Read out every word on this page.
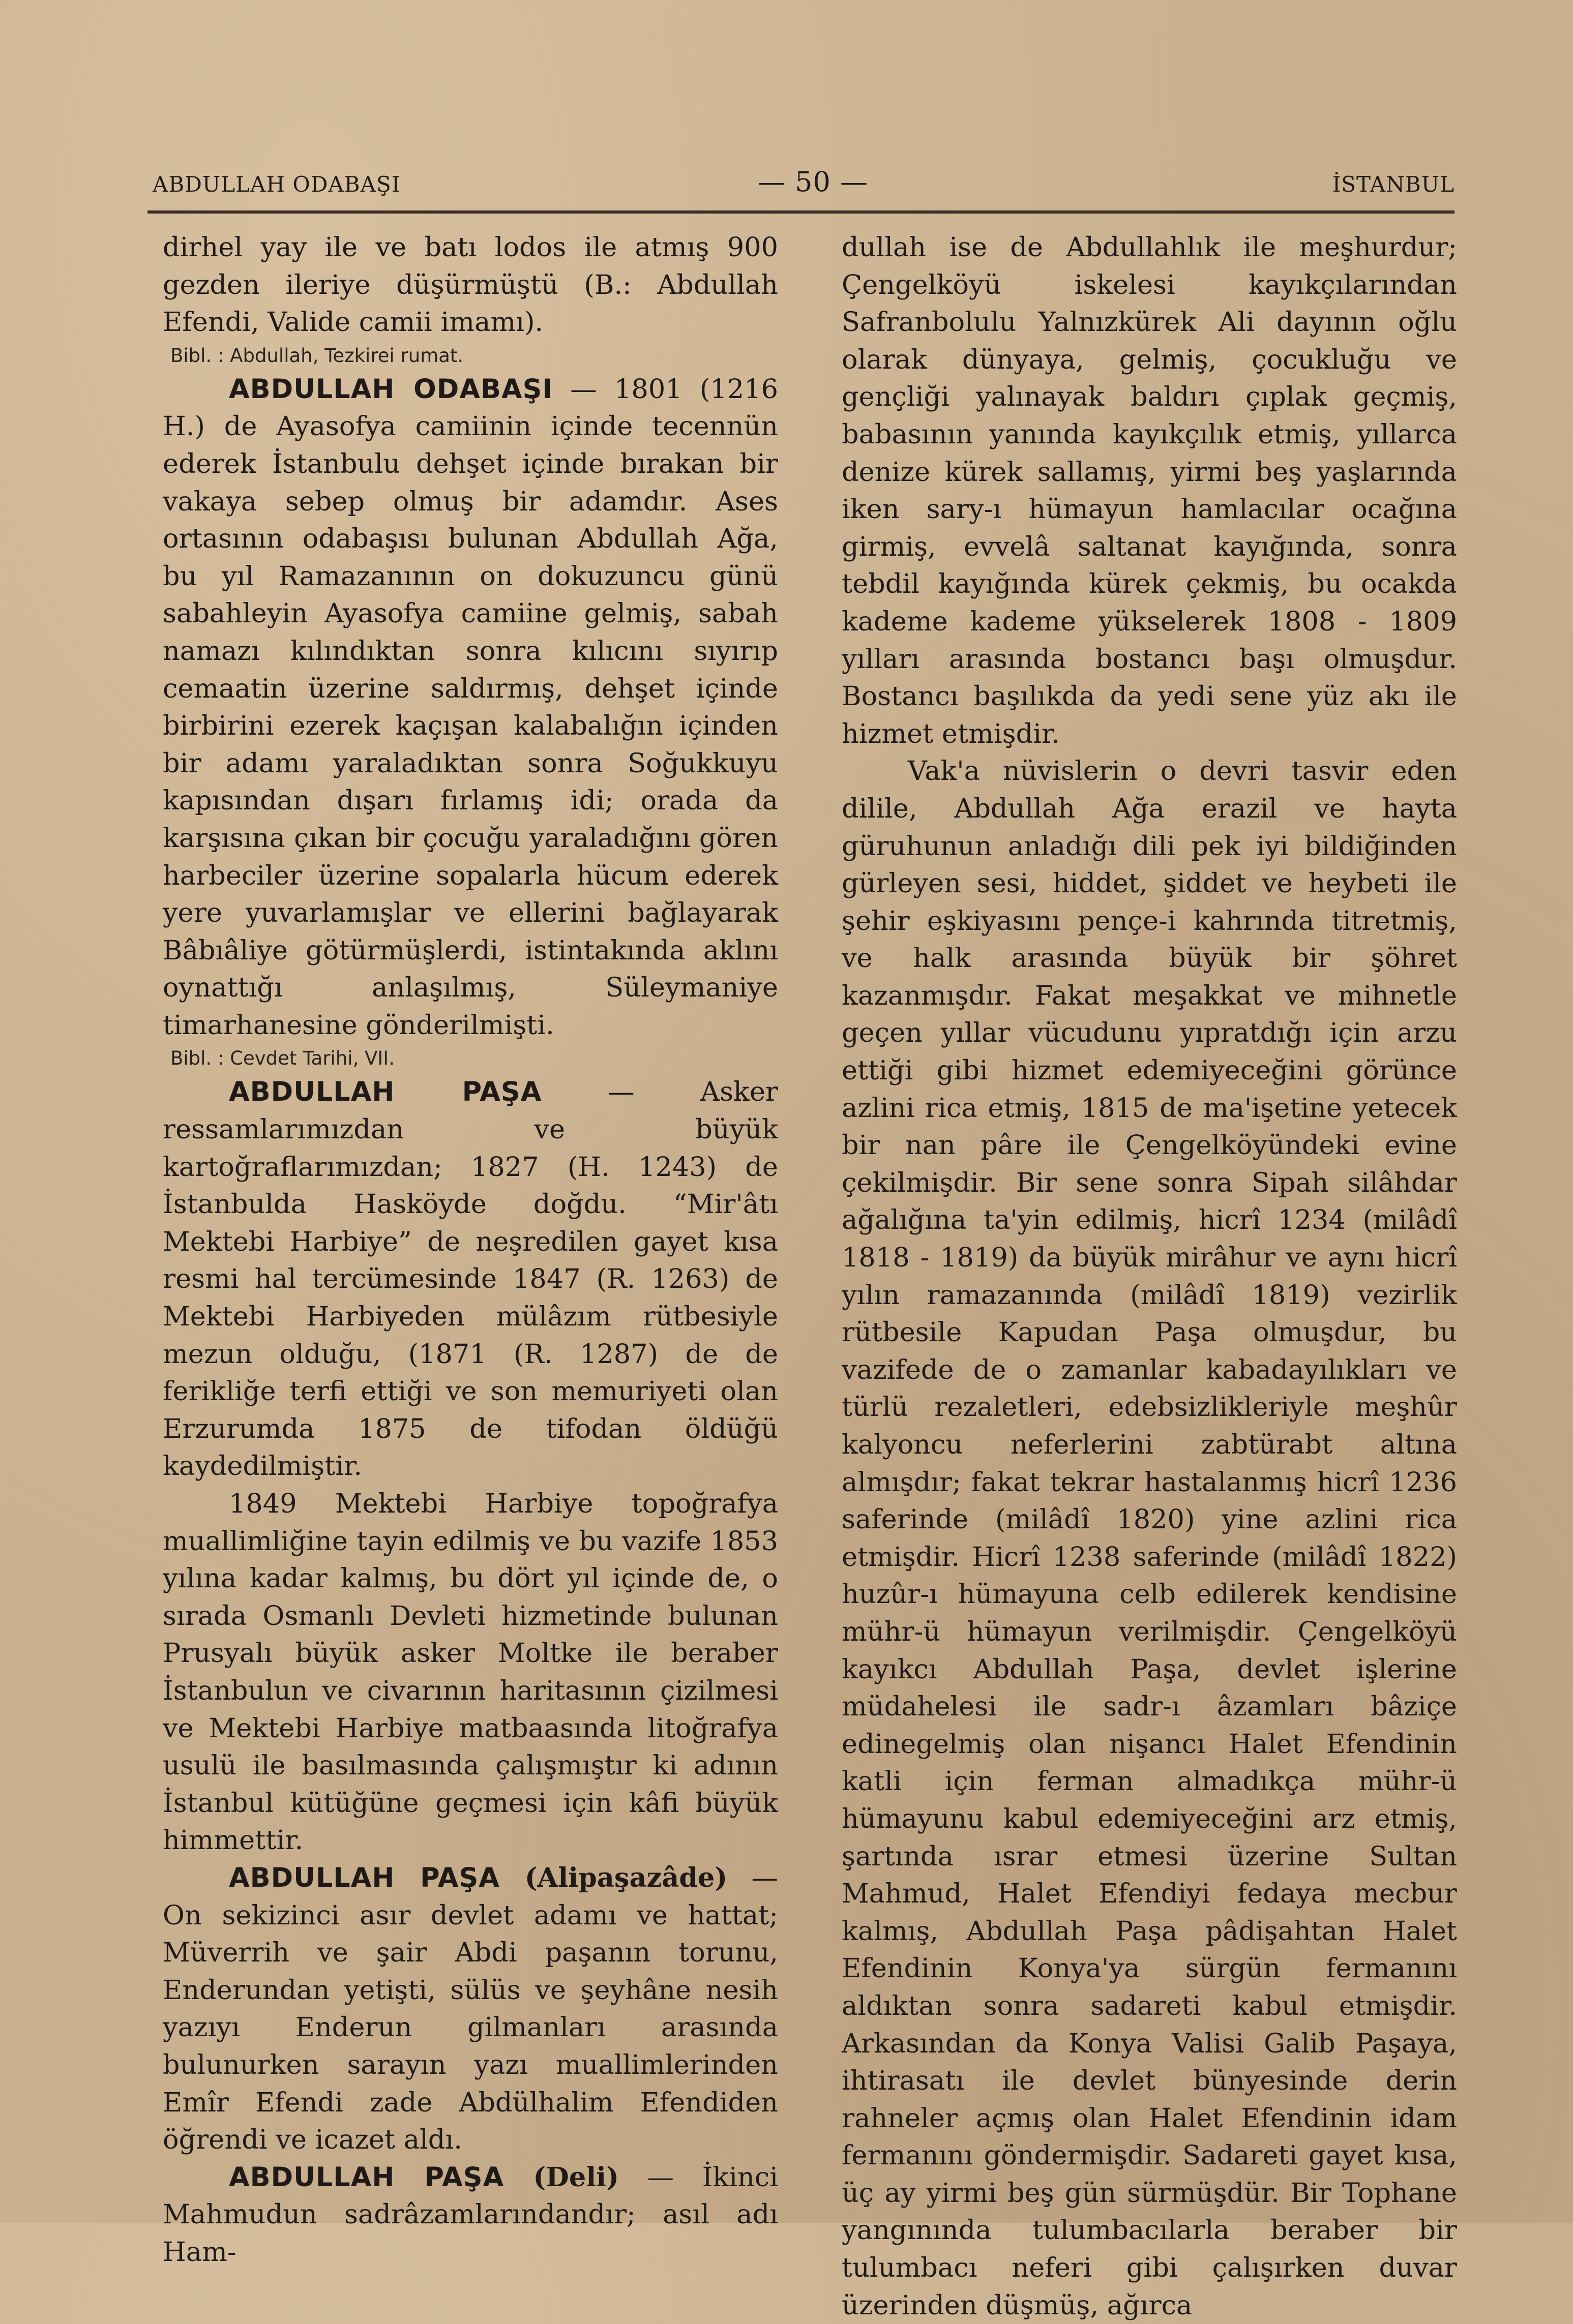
ABDULLAH ODABAŞI	— 50 —	İSTANBUL

dirhel yay ile ve batı lodos ile atmış 900 gezden ileriye düşürmüştü (B.: Abdullah Efendi, Valide camii imamı).

Bibl. : Abdullah, Tezkirei rumat.

ABDULLAH ODABAŞI — 1801 (1216 H.) de Ayasofya camiinin içinde tecennün ederek İstanbulu dehşet içinde bırakan bir vakaya sebep olmuş bir adamdır. Ases ortasının odabaşısı bulunan Abdullah Ağa, bu yıl Ramazanının on dokuzuncu günü sabahleyin Ayasofya camiine gelmiş, sabah namazı kılındıktan sonra kılıcını sıyırıp cemaatin üzerine saldırmış, dehşet içinde birbirini ezerek kaçışan kalabalığın içinden bir adamı yaraladıktan sonra Soğukkuyu kapısından dışarı fırlamış idi; orada da karşısına çıkan bir çocuğu yaraladığını gören harbeciler üzerine sopalarla hücum ederek yere yuvarlamışlar ve ellerini bağlayarak Bâbıâliye götürmüşlerdi, istintakında aklını oynattığı anlaşılmış, Süleymaniye timarhanesine gönderilmişti.

Bibl. : Cevdet Tarihi, VII.

ABDULLAH PAŞA — Asker ressamlarımızdan ve büyük kartoğraflarımızdan; 1827 (H. 1243) de İstanbulda Hasköyde doğdu. “Mir'âtı Mektebi Harbiye” de neşredilen gayet kısa resmi hal tercümesinde 1847 (R. 1263) de Mektebi Harbiyeden mülâzım rütbesiyle mezun olduğu, (1871 (R. 1287) de de ferikliğe terfi ettiği ve son memuriyeti olan Erzurumda 1875 de tifodan öldüğü kaydedilmiştir.

1849 Mektebi Harbiye topoğrafya muallimliğine tayin edilmiş ve bu vazife 1853 yılına kadar kalmış, bu dört yıl içinde de, o sırada Osmanlı Devleti hizmetinde bulunan Prusyalı büyük asker Moltke ile beraber İstanbulun ve civarının haritasının çizilmesi ve Mektebi Harbiye matbaasında litoğrafya usulü ile basılmasında çalışmıştır ki adının İstanbul kütüğüne geçmesi için kâfi büyük himmettir.

ABDULLAH PAŞA (Alipaşazâde) — On sekizinci asır devlet adamı ve hattat; Müverrih ve şair Abdi paşanın torunu, Enderundan yetişti, sülüs ve şeyhâne nesih yazıyı Enderun gilmanları arasında bulunurken sarayın yazı muallimlerinden Emîr Efendi zade Abdülhalim Efendiden öğrendi ve icazet aldı.

ABDULLAH PAŞA (Deli) — İkinci Mahmudun sadrâzamlarındandır; asıl adı Ham-

dullah ise de Abdullahlık ile meşhurdur; Çengelköyü iskelesi kayıkçılarından Safranbolulu Yalnızkürek Ali dayının oğlu olarak dünyaya, gelmiş, çocukluğu ve gençliği yalınayak baldırı çıplak geçmiş, babasının yanında kayıkçılık etmiş, yıllarca denize kürek sallamış, yirmi beş yaşlarında iken sary-ı hümayun hamlacılar ocağına girmiş, evvelâ saltanat kayığında, sonra tebdil kayığında kürek çekmiş, bu ocakda kademe kademe yükselerek 1808 - 1809 yılları arasında bostancı başı olmuşdur. Bostancı başılıkda da yedi sene yüz akı ile hizmet etmişdir.

Vak'a nüvislerin o devri tasvir eden dilile, Abdullah Ağa erazil ve hayta güruhunun anladığı dili pek iyi bildiğinden gürleyen sesi, hiddet, şiddet ve heybeti ile şehir eşkiyasını pençe-i kahrında titretmiş, ve halk arasında büyük bir şöhret kazanmışdır. Fakat meşakkat ve mihnetle geçen yıllar vücudunu yıpratdığı için arzu ettiği gibi hizmet edemiyeceğini görünce azlini rica etmiş, 1815 de ma'işetine yetecek bir nan pâre ile Çengelköyündeki evine çekilmişdir. Bir sene sonra Sipah silâhdar ağalığına ta'yin edilmiş, hicrî 1234 (milâdî 1818 - 1819) da büyük mirâhur ve aynı hicrî yılın ramazanında (milâdî 1819) vezirlik rütbesile Kapudan Paşa olmuşdur, bu vazifede de o zamanlar kabadayılıkları ve türlü rezaletleri, edebsizlikleriyle meşhûr kalyoncu neferlerini zabtürabt altına almışdır; fakat tekrar hastalanmış hicrî 1236 saferinde (milâdî 1820) yine azlini rica etmişdir. Hicrî 1238 saferinde (milâdî 1822) huzûr-ı hümayuna celb edilerek kendisine mühr-ü hümayun verilmişdir. Çengelköyü kayıkcı Abdullah Paşa, devlet işlerine müdahelesi ile sadr-ı âzamları bâziçe edinegelmiş olan nişancı Halet Efendinin katli için ferman almadıkça mühr-ü hümayunu kabul edemiyeceğini arz etmiş, şartında ısrar etmesi üzerine Sultan Mahmud, Halet Efendiyi fedaya mecbur kalmış, Abdullah Paşa pâdişahtan Halet Efendinin Konya'ya sürgün fermanını aldıktan sonra sadareti kabul etmişdir. Arkasından da Konya Valisi Galib Paşaya, ihtirasatı ile devlet bünyesinde derin rahneler açmış olan Halet Efendinin idam fermanını göndermişdir. Sadareti gayet kısa, üç ay yirmi beş gün sürmüşdür. Bir Tophane yangınında tulumbacılarla beraber bir tulumbacı neferi gibi çalışırken duvar üzerinden düşmüş, ağırca
